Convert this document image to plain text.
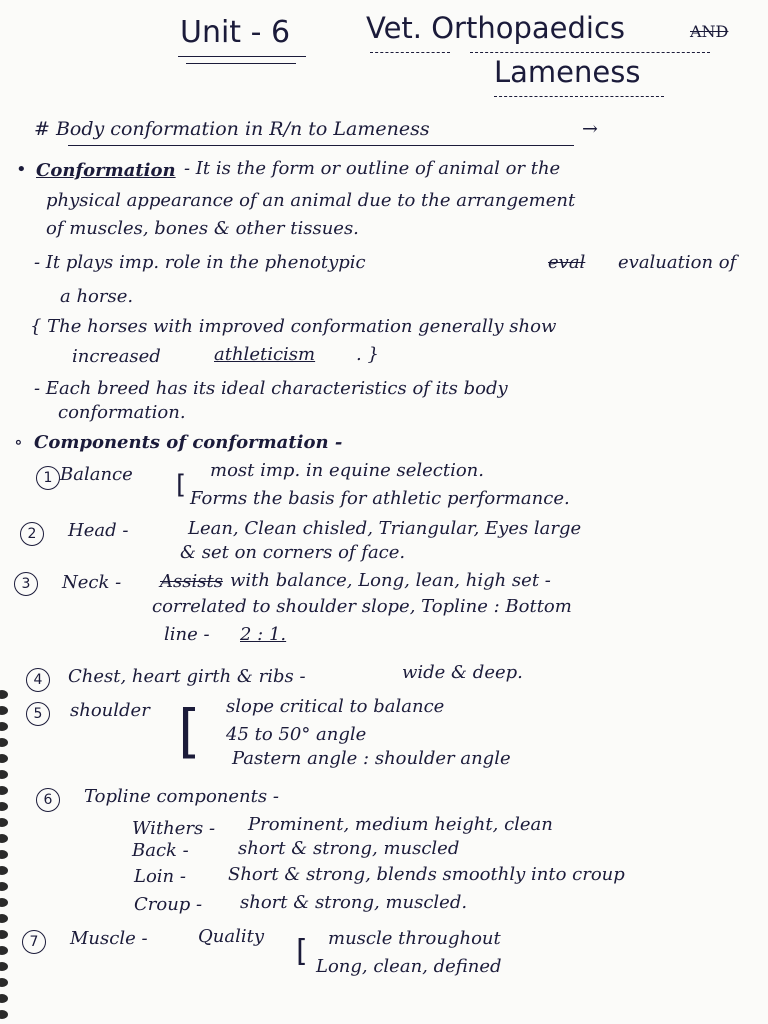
Unit - 6	Vet. Orthopaedics	AND
Lameness
# Body conformation in R/n to Lameness	→
• Conformation - It is the form or outline of animal or the
physical appearance of an animal due to the arrangement
of muscles, bones & other tissues.
- It plays imp. role in the phenotypic	eval evaluation of
a horse.
{ The horses with improved conformation generally show
increased	athleticism . }
- Each breed has its ideal characteristics of its body
conformation.
∘ Components of conformation -
1 Balance [ most imp. in equine selection.
Forms the basis for athletic performance.
2	Head -	Lean, Clean chisled, Triangular, Eyes large
& set on corners of face.
3	Neck - Assists with balance, Long, lean, high set -
correlated to shoulder slope, Topline : Bottom
line - 2 : 1.
4	Chest, heart girth & ribs -	wide & deep.
5	shoulder [ slope critical to balance
45 to 50° angle
Pastern angle : shoulder angle
6	Topline components -
Withers - Prominent, medium height, clean
Back -	short & strong, muscled
Loin - Short & strong, blends smoothly into croup
Croup - short & strong, muscled.
7	Muscle -	Quality [ muscle throughout
Long, clean, defined
